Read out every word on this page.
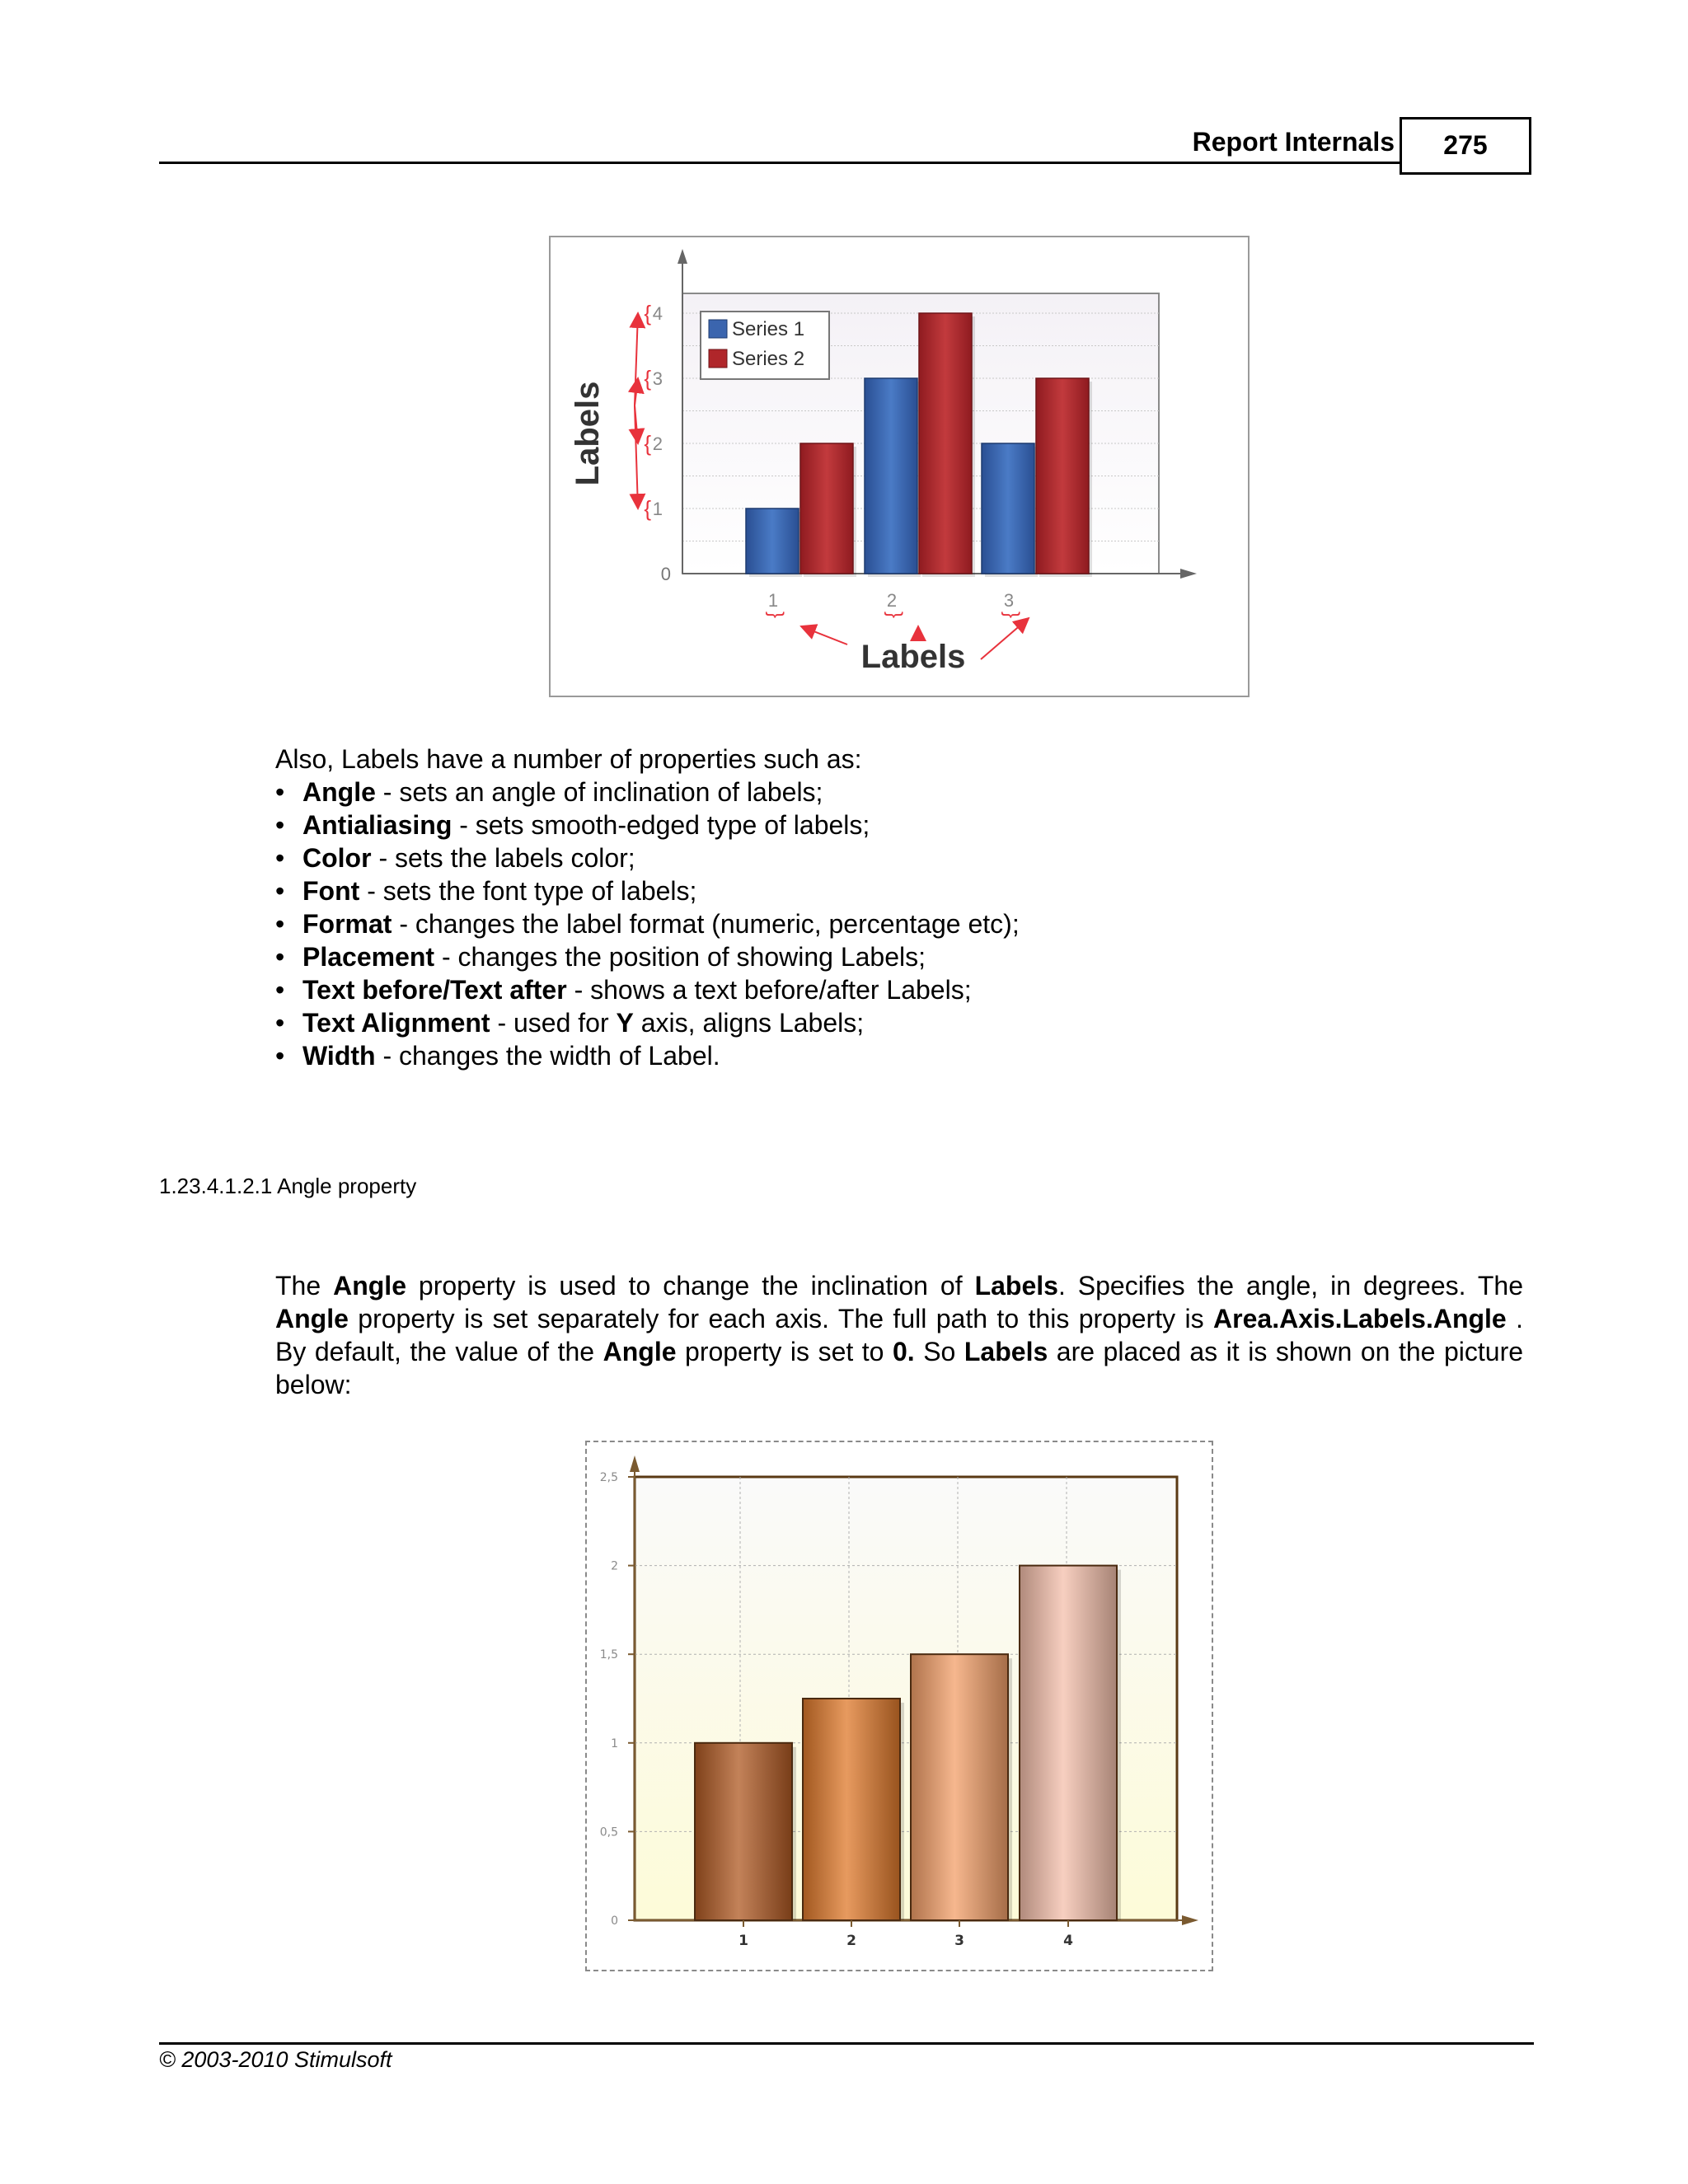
Report Internals	275
0
1
{
2
{
3
{
4
{
Labels
1
}
2
}
3
}
Labels
Series 1
Series 2
Also, Labels have a number of properties such as:
• Angle - sets an angle of inclination of labels;
• Antialiasing - sets smooth-edged type of labels;
• Color - sets the labels color;
• Font - sets the font type of labels;
• Format - changes the label format (numeric, percentage etc);
• Placement - changes the position of showing Labels;
• Text before/Text after - shows a text before/after Labels;
• Text Alignment - used for Y axis, aligns Labels;
• Width - changes the width of Label.
1.23.4.1.2.1 Angle property
The Angle property is used to change the inclination of Labels. Specifies the angle, in degrees. The Angle property is set separately for each axis. The full path to this property is Area.Axis.Labels.Angle . By default, the value of the Angle property is set to 0. So Labels are placed as it is shown on the picture below:
0
0,5
1
1,5
2
2,5
1	2	3	4
© 2003-2010 Stimulsoft
